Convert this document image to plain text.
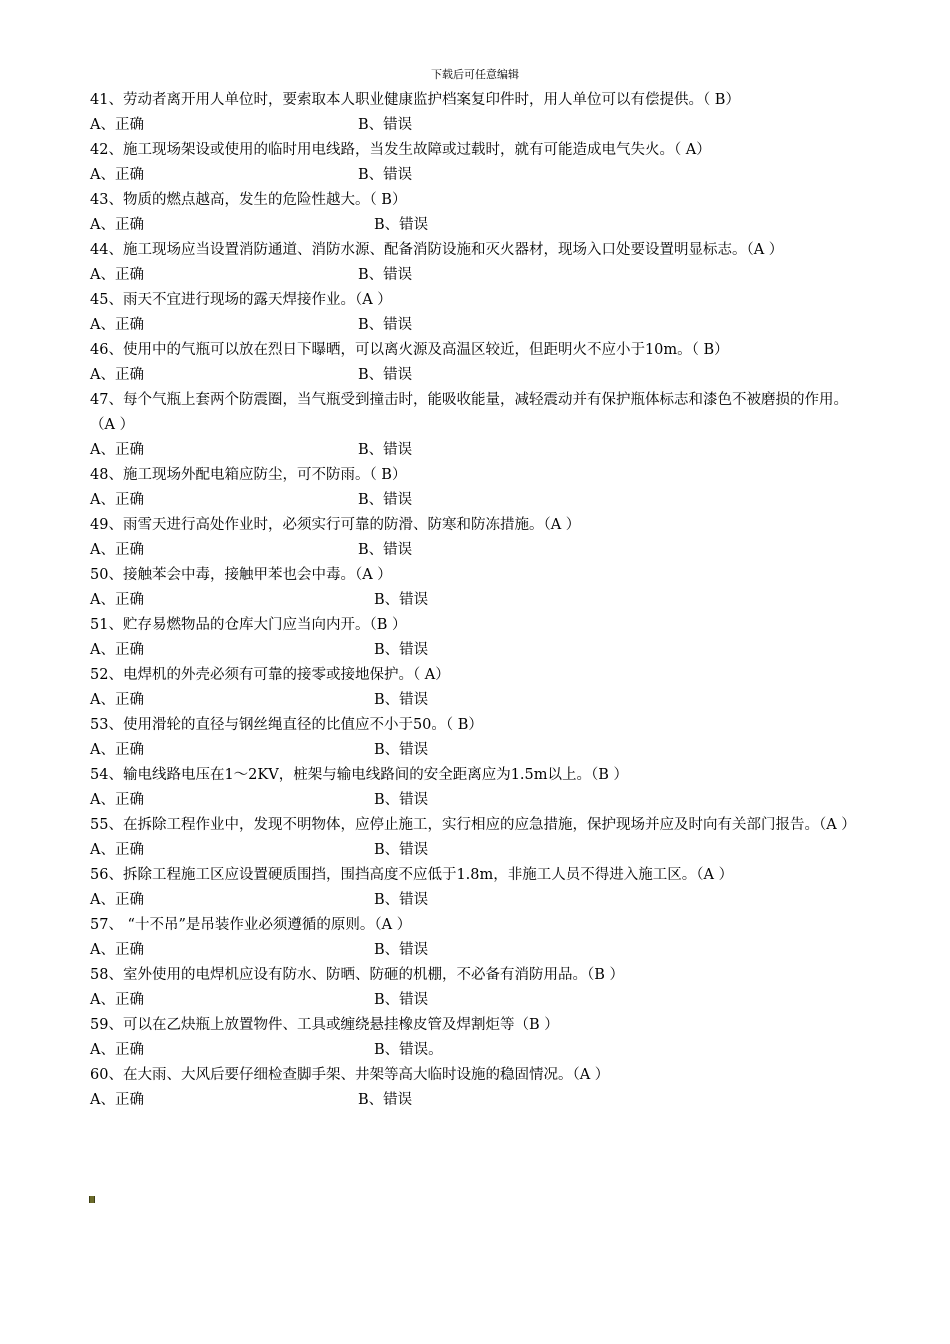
下载后可任意编辑

41、劳动者离开用人单位时，要索取本人职业健康监护档案复印件时，用人单位可以有偿提供。（ B）

A、正确	B、错误

42、施工现场架设或使用的临时用电线路，当发生故障或过载时，就有可能造成电气失火。（ A）

A、正确	B、错误

43、物质的燃点越高，发生的危险性越大。（ B）

A、正确	B、错误

44、施工现场应当设置消防通道、消防水源、配备消防设施和灭火器材，现场入口处要设置明显标志。（A ）

A、正确	B、错误

45、雨天不宜进行现场的露天焊接作业。（A ）

A、正确	B、错误

46、使用中的气瓶可以放在烈日下曝晒，可以离火源及高温区较近，但距明火不应小于10m。（ B）

A、正确	B、错误

47、每个气瓶上套两个防震圈，当气瓶受到撞击时，能吸收能量，减轻震动并有保护瓶体标志和漆色不被磨损的作用。（A ）

A、正确	B、错误

48、施工现场外配电箱应防尘，可不防雨。（ B）

A、正确	B、错误

49、雨雪天进行高处作业时，必须实行可靠的防滑、防寒和防冻措施。（A ）

A、正确	B、错误

50、接触苯会中毒，接触甲苯也会中毒。（A ）

A、正确	B、错误

51、贮存易燃物品的仓库大门应当向内开。（B ）

A、正确	B、错误

52、电焊机的外壳必须有可靠的接零或接地保护。（ A）

A、正确	B、错误

53、使用滑轮的直径与钢丝绳直径的比值应不小于50。（ B）

A、正确	B、错误

54、输电线路电压在1～2KV，桩架与输电线路间的安全距离应为1.5m以上。（B ）

A、正确	B、错误

55、在拆除工程作业中，发现不明物体，应停止施工，实行相应的应急措施，保护现场并应及时向有关部门报告。（A ）

A、正确	B、错误

56、拆除工程施工区应设置硬质围挡，围挡高度不应低于1.8m，非施工人员不得进入施工区。（A ）

A、正确	B、错误

57、 “十不吊”是吊装作业必须遵循的原则。（A ）

A、正确	B、错误

58、室外使用的电焊机应设有防水、防晒、防砸的机棚，不必备有消防用品。（B ）

A、正确	B、错误

59、可以在乙炔瓶上放置物件、工具或缠绕悬挂橡皮管及焊割炬等（B ）

A、正确	B、错误。

60、在大雨、大风后要仔细检查脚手架、井架等高大临时设施的稳固情况。（A ）

A、正确	B、错误
